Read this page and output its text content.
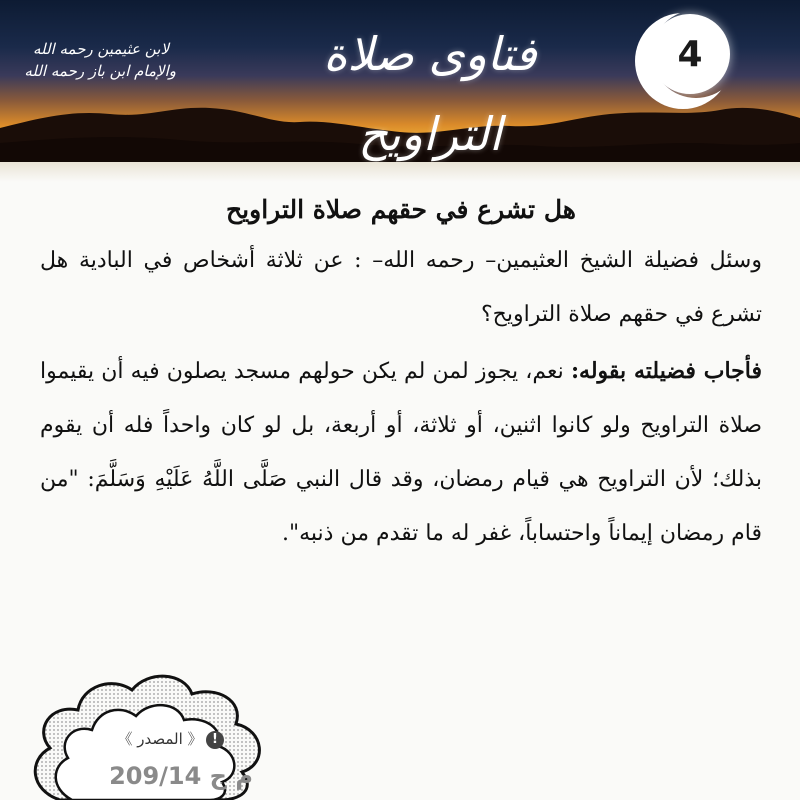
4
فتاوى صلاة التراويح
لابن عثيمين رحمه الله
والإمام ابن باز رحمه الله
هل تشرع في حقهم صلاة التراويح

وسئل فضيلة الشيخ العثيمين– رحمه الله– : عن ثلاثة أشخاص في البادية هل تشرع في حقهم صلاة التراويح؟

فأجاب فضيلته بقوله: نعم، يجوز لمن لم يكن حولهم مسجد يصلون فيه أن يقيموا صلاة التراويح ولو كانوا اثنين، أو ثلاثة، أو أربعة، بل لو كان واحداً فله أن يقوم بذلك؛ لأن التراويح هي قيام رمضان، وقد قال النبي صَلَّى اللَّهُ عَلَيْهِ وَسَلَّمَ: "من قام رمضان إيماناً واحتساباً، غفر له ما تقدم من ذنبه".

《 المصدر 》 !
م ج 209/14
